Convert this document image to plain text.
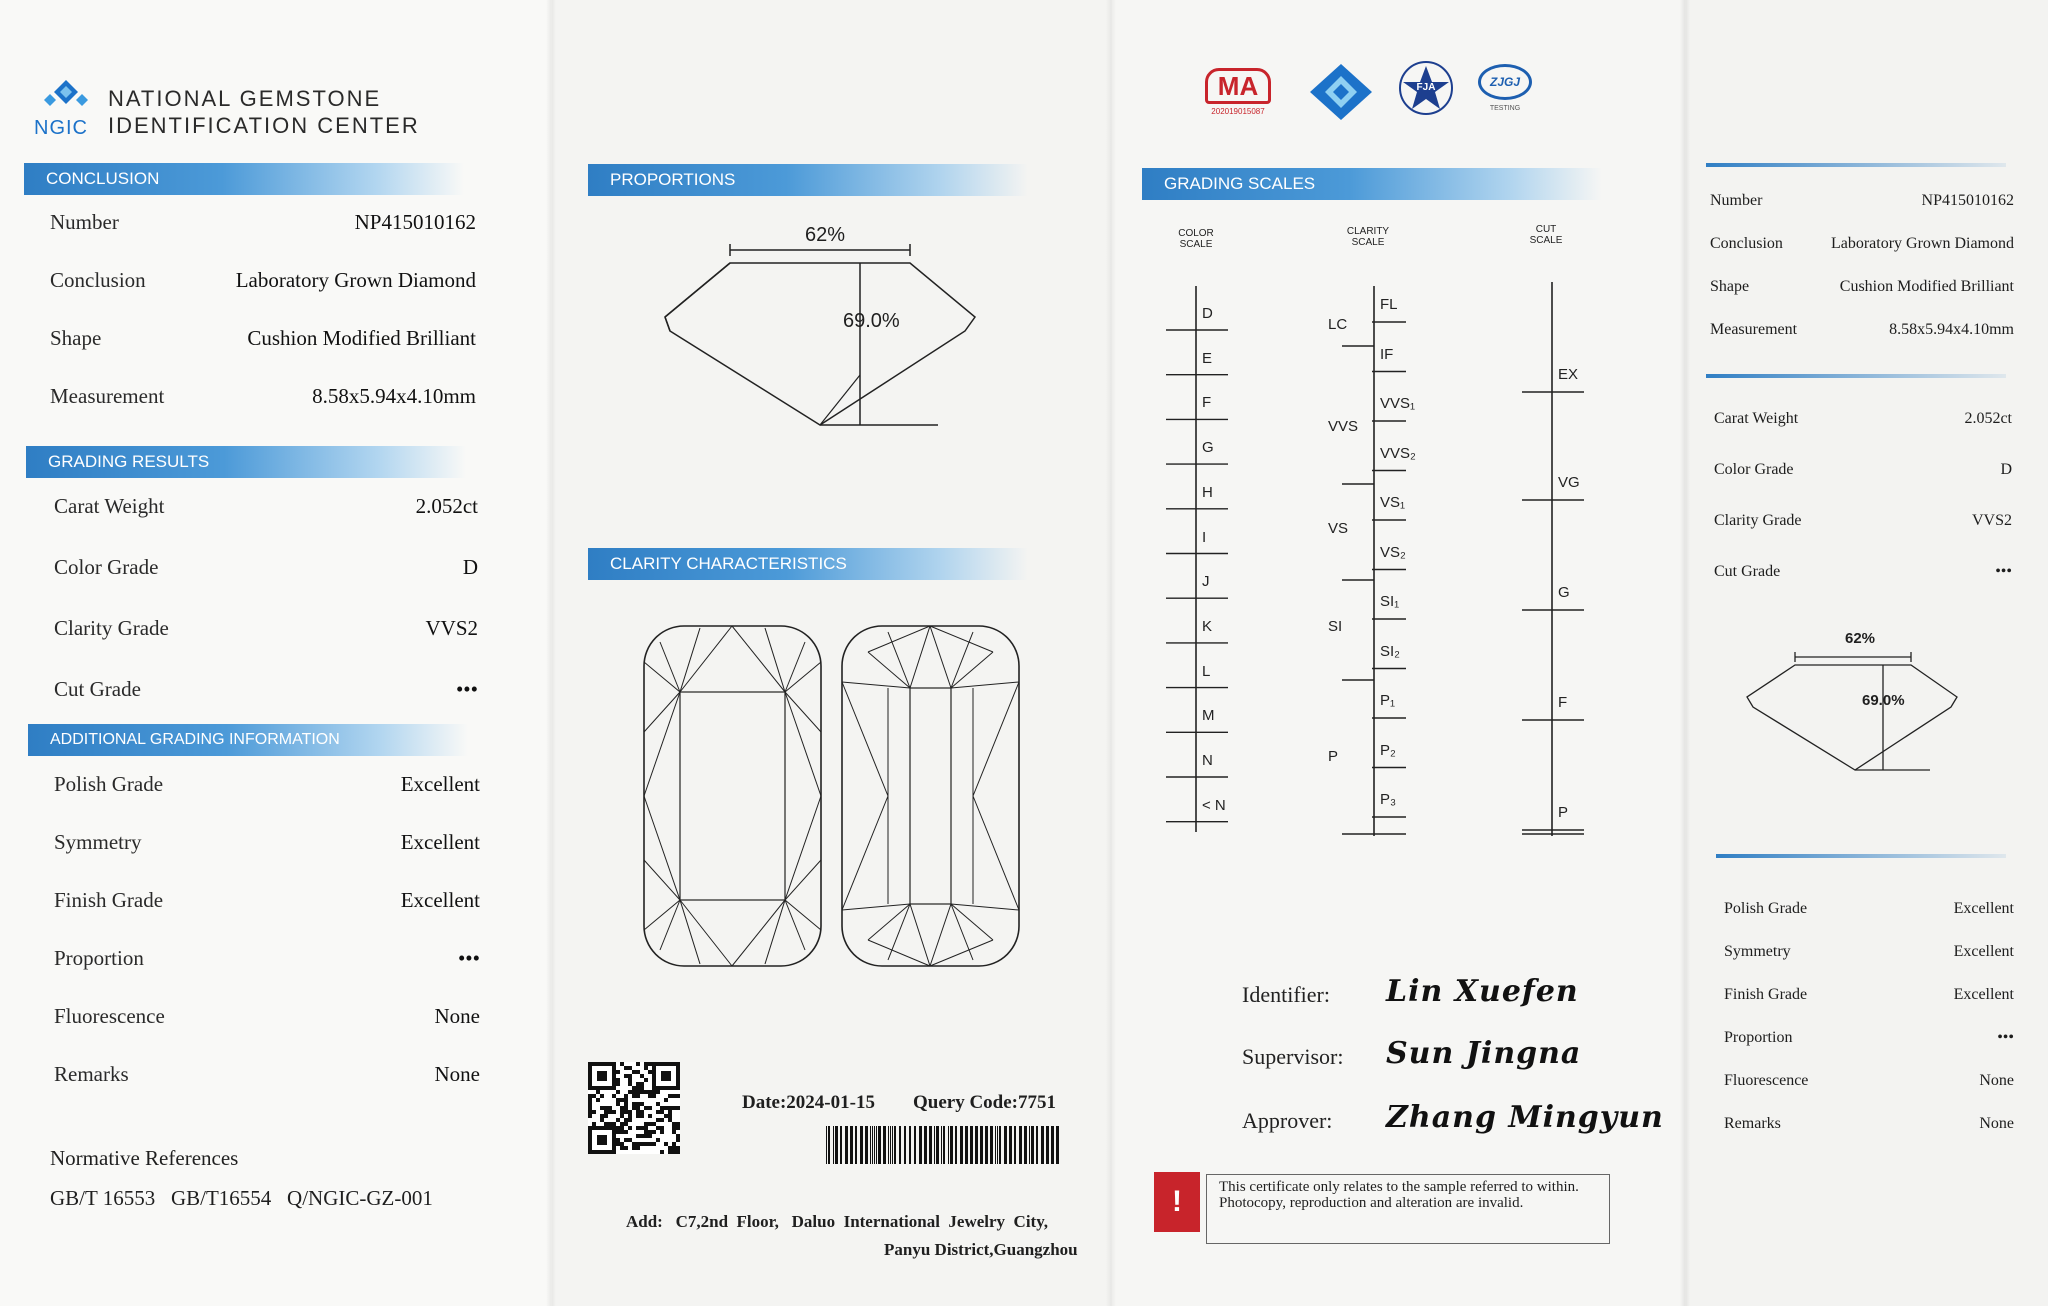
NGIC
NATIONAL GEMSTONE
IDENTIFICATION CENTER
CONCLUSION
Number	NP415010162
Conclusion	Laboratory Grown Diamond
Shape	Cushion Modified Brilliant
Measurement	8.58x5.94x4.10mm
GRADING RESULTS
Carat Weight	2.052ct
Color Grade	D
Clarity Grade	VVS2
Cut Grade	•••
ADDITIONAL GRADING INFORMATION
Polish Grade	Excellent
Symmetry	Excellent
Finish Grade	Excellent
Proportion	•••
Fluorescence	None
Remarks	None
Normative References
GB/T 16553   GB/T16554   Q/NGIC-GZ-001
PROPORTIONS
62%
69.0%
CLARITY CHARACTERISTICS
Date:2024-01-15 Query Code:7751
Add:   C7,2nd  Floor,   Daluo  International  Jewelry  City,
Panyu District,Guangzhou
MA
202019015087
FJA	ZJGJ
TESTING
GRADING SCALES
COLOR
SCALE
CLARITY
SCALE
CUT
SCALE
Identifier: Lin Xuefen
Supervisor: Sun Jingna
Approver: Zhang Mingyun
!	This certificate only relates to the sample referred to within. Photocopy, reproduction and alteration are invalid.
Number	NP415010162
Conclusion	Laboratory Grown Diamond
Shape	Cushion Modified Brilliant
Measurement	8.58x5.94x4.10mm
Carat Weight	2.052ct
Color Grade	D
Clarity Grade	VVS2
Cut Grade	•••
62%
69.0%
Polish Grade	Excellent
Symmetry	Excellent
Finish Grade	Excellent
Proportion	•••
Fluorescence	None
Remarks	None
D
E
F
G
H
I
J
K
L
M
N
< N
FL
IF
VVS₁
VVS₂
VS₁
VS₂
SI₁
SI₂
P₁
P₂
P₃
LC
VVS
VS
SI
P
EX
VG
G
F
P
